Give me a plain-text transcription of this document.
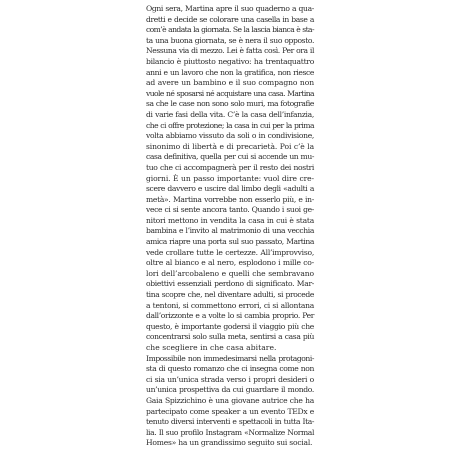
Ogni sera, Martina apre il suo quaderno a qua-
dretti e decide se colorare una casella in base a
com’è andata la giornata. Se la lascia bianca è sta-
ta una buona giornata, se è nera il suo opposto.
Nessuna via di mezzo. Lei è fatta così. Per ora il
bilancio è piuttosto negativo: ha trentaquattro
anni e un lavoro che non la gratifica, non riesce
ad avere un bambino e il suo compagno non
vuole né sposarsi né acquistare una casa. Martina
sa che le case non sono solo muri, ma fotografie
di varie fasi della vita. C’è la casa dell’infanzia,
che ci offre protezione; la casa in cui per la prima
volta abbiamo vissuto da soli o in condivisione,
sinonimo di libertà e di precarietà. Poi c’è la
casa definitiva, quella per cui si accende un mu-
tuo che ci accompagnerà per il resto dei nostri
giorni. È un passo importante: vuol dire cre-
scere davvero e uscire dal limbo degli «adulti a
metà». Martina vorrebbe non esserlo più, e in-
vece ci si sente ancora tanto. Quando i suoi ge-
nitori mettono in vendita la casa in cui è stata
bambina e l’invito al matrimonio di una vecchia
amica riapre una porta sul suo passato, Martina
vede crollare tutte le certezze. All’improvviso,
oltre al bianco e al nero, esplodono i mille co-
lori dell’arcobaleno e quelli che sembravano
obiettivi essenziali perdono di significato. Mar-
tina scopre che, nel diventare adulti, si procede
a tentoni, si commettono errori, ci si allontana
dall’orizzonte e a volte lo si cambia proprio. Per
questo, è importante godersi il viaggio più che
concentrarsi solo sulla meta, sentirsi a casa più
che scegliere in che casa abitare.
Impossibile non immedesimarsi nella protagoni-
sta di questo romanzo che ci insegna come non
ci sia un’unica strada verso i propri desideri o
un’unica prospettiva da cui guardare il mondo.
Gaia Spizzichino è una giovane autrice che ha
partecipato come speaker a un evento TEDx e
tenuto diversi interventi e spettacoli in tutta Ita-
lia. Il suo profilo Instagram «Normalize Normal
Homes» ha un grandissimo seguito sui social.
